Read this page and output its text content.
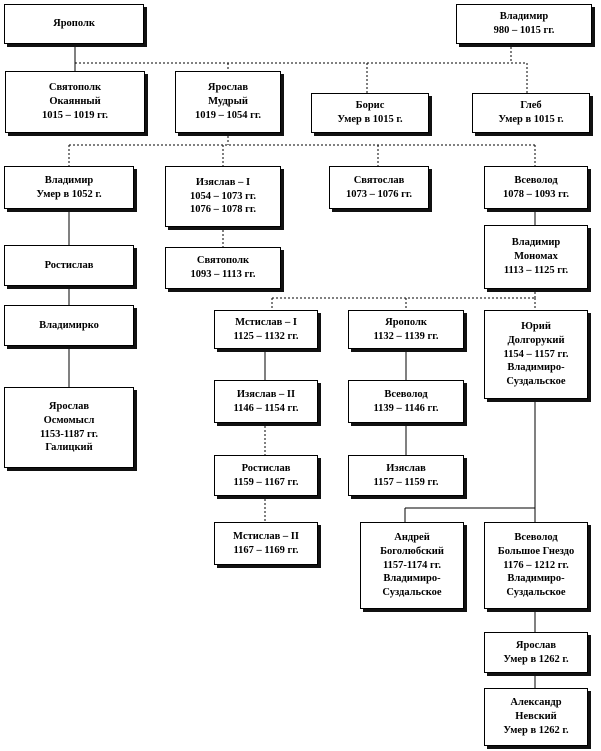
Ярополк
Владимир
980 – 1015 гг.
Святополк
Окаянный
1015 – 1019 гг.
Ярослав
Мудрый
1019 – 1054 гг.
Борис
Умер в 1015 г.
Глеб
Умер в 1015 г.
Владимир
Умер в 1052 г.
Изяслав – I
1054 – 1073 гг.
1076 – 1078 гг.
Святослав
1073 – 1076 гг.
Всеволод
1078 – 1093 гг.
Ростислав	Святополк
1093 – 1113 гг.
Владимир
Мономах
1113 – 1125 гг.
Владимирко	Мстислав – I
1125 – 1132 гг.
Ярополк
1132 – 1139 гг.
Юрий
Долгорукий
1154 – 1157 гг.
Владимиро-
Суздальское
Ярослав
Осмомысл
1153-1187 гг.
Галицкий
Изяслав – II
1146 – 1154 гг.
Всеволод
1139 – 1146 гг.
Ростислав
1159 – 1167 гг.
Изяслав
1157 – 1159 гг.
Мстислав – II
1167 – 1169 гг.
Андрей
Боголюбский
1157-1174 гг.
Владимиро-
Суздальское
Всеволод
Большое Гнездо
1176 – 1212 гг.
Владимиро-
Суздальское
Ярослав
Умер в 1262 г.
Александр
Невский
Умер в 1262 г.
